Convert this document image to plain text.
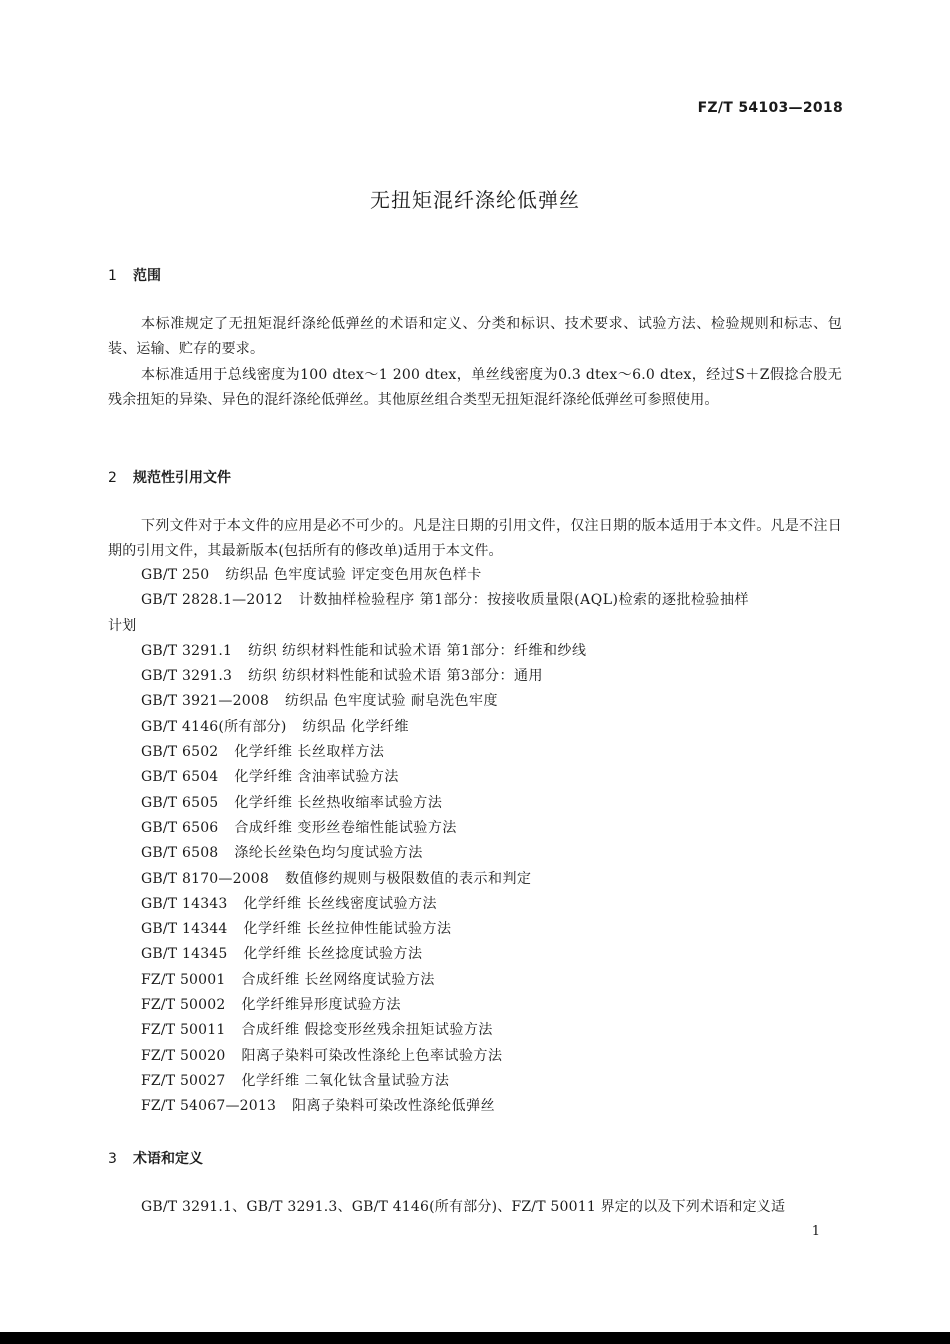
FZ/T 54103—2018
无扭矩混纤涤纶低弹丝
1 范围

本标准规定了无扭矩混纤涤纶低弹丝的术语和定义、分类和标识、技术要求、试验方法、检验规则和标志、包装、运输、贮存的要求。

本标准适用于总线密度为100 dtex～1 200 dtex，单丝线密度为0.3 dtex～6.0 dtex，经过S＋Z假捻合股无残余扭矩的异染、异色的混纤涤纶低弹丝。其他原丝组合类型无扭矩混纤涤纶低弹丝可参照使用。

2 规范性引用文件

下列文件对于本文件的应用是必不可少的。凡是注日期的引用文件，仅注日期的版本适用于本文件。凡是不注日期的引用文件，其最新版本(包括所有的修改单)适用于本文件。

GB/T 250 纺织品 色牢度试验 评定变色用灰色样卡
GB/T 2828.1—2012 计数抽样检验程序 第1部分：按接收质量限(AQL)检索的逐批检验抽样
计划
GB/T 3291.1 纺织 纺织材料性能和试验术语 第1部分：纤维和纱线
GB/T 3291.3 纺织 纺织材料性能和试验术语 第3部分：通用
GB/T 3921—2008 纺织品 色牢度试验 耐皂洗色牢度
GB/T 4146(所有部分) 纺织品 化学纤维
GB/T 6502 化学纤维 长丝取样方法
GB/T 6504 化学纤维 含油率试验方法
GB/T 6505 化学纤维 长丝热收缩率试验方法
GB/T 6506 合成纤维 变形丝卷缩性能试验方法
GB/T 6508 涤纶长丝染色均匀度试验方法
GB/T 8170—2008 数值修约规则与极限数值的表示和判定
GB/T 14343 化学纤维 长丝线密度试验方法
GB/T 14344 化学纤维 长丝拉伸性能试验方法
GB/T 14345 化学纤维 长丝捻度试验方法
FZ/T 50001 合成纤维 长丝网络度试验方法
FZ/T 50002 化学纤维异形度试验方法
FZ/T 50011 合成纤维 假捻变形丝残余扭矩试验方法
FZ/T 50020 阳离子染料可染改性涤纶上色率试验方法
FZ/T 50027 化学纤维 二氧化钛含量试验方法
FZ/T 54067—2013 阳离子染料可染改性涤纶低弹丝
3 术语和定义

GB/T 3291.1、GB/T 3291.3、GB/T 4146(所有部分)、FZ/T 50011 界定的以及下列术语和定义适

1
